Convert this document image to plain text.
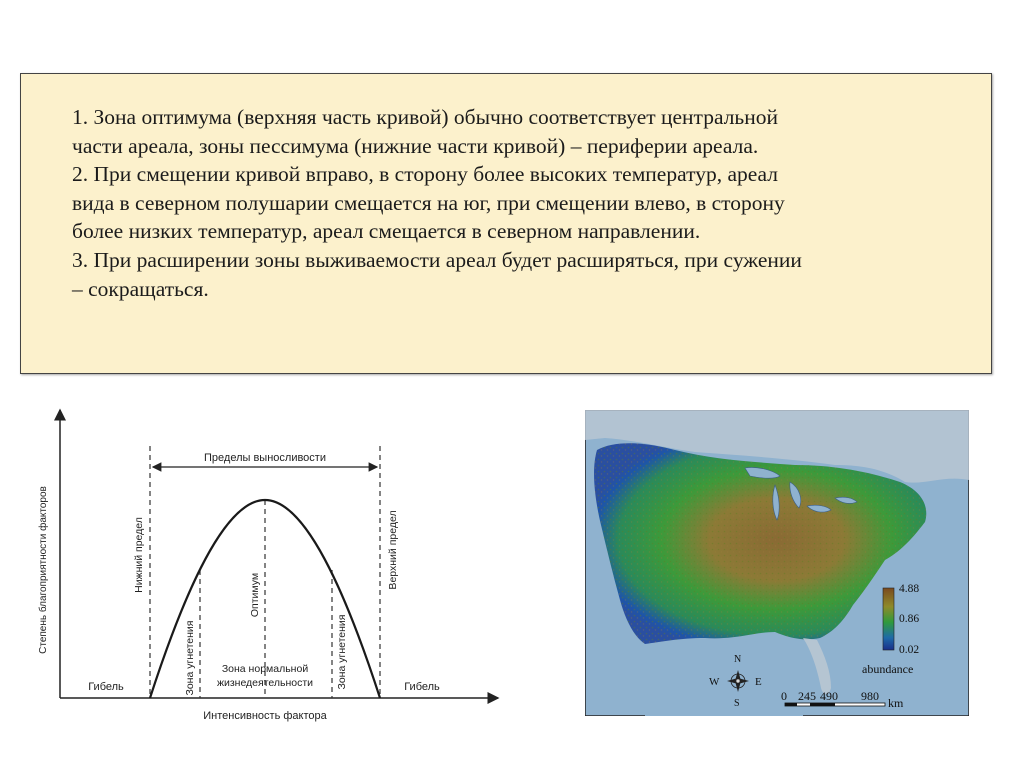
1. Зона оптимума (верхняя часть кривой) обычно соответствует центральной
части ареала, зоны пессимума (нижние части кривой) – периферии ареала.
2. При смещении кривой вправо, в сторону более высоких температур, ареал
вида в северном полушарии смещается на юг, при смещении влево, в сторону
более низких температур, ареал смещается в северном направлении.
3. При расширении зоны выживаемости ареал будет расширяться, при сужении
– сокращаться.
Пределы выносливости
Степень благоприятности факторов
Интенсивность фактора
Нижний предел	Верхний предел
Оптимум
Зона угнетения	Зона угнетения
Зона нормальной
жизнедеятельности
Гибель	Гибель
4.88
0.86
0.02
abundance
N
S
W	E
0 245 490 980 km
